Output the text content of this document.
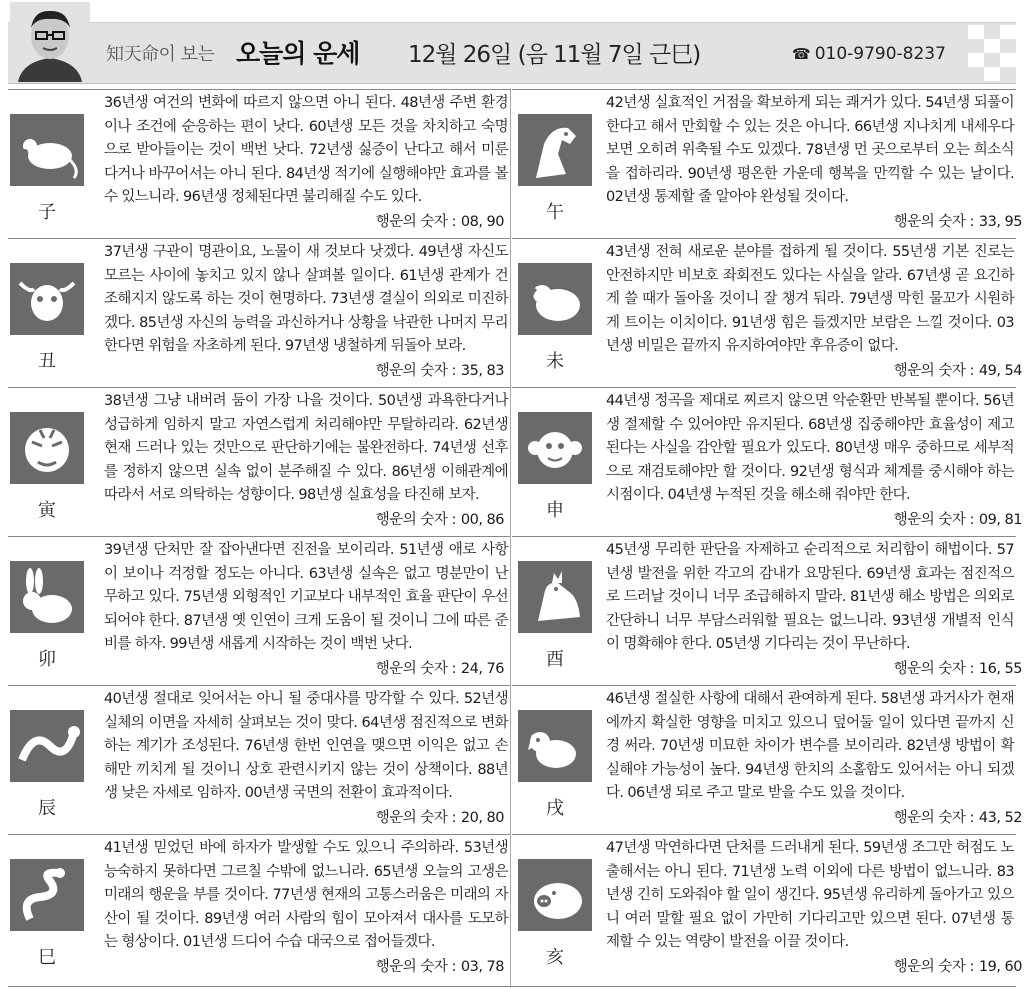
知天命이 보는 오늘의 운세 12월 26일 (음 11월 7일 근巳)	☎ 010-9790-8237
子
36년생 여건의 변화에 따르지 않으면 아니 된다. 48년생 주변 환경이나 조건에 순응하는 편이 낫다. 60년생 모든 것을 차치하고 숙명으로 받아들이는 것이 백번 낫다. 72년생 싫증이 난다고 해서 미룬다거나 바꾸어서는 아니 된다. 84년생 적기에 실행해야만 효과를 볼 수 있느니라. 96년생 정체된다면 불리해질 수도 있다.
행운의 숫자 : 08, 90 午
42년생 실효적인 거점을 확보하게 되는 쾌거가 있다. 54년생 되풀이 한다고 해서 만회할 수 있는 것은 아니다. 66년생 지나치게 내세우다 보면 오히려 위축될 수도 있겠다. 78년생 먼 곳으로부터 오는 희소식을 접하리라. 90년생 평온한 가운데 행복을 만끽할 수 있는 날이다. 02년생 통제할 줄 알아야 완성될 것이다.
행운의 숫자 : 33, 95
丑
37년생 구관이 명관이요, 노물이 새 것보다 낫겠다. 49년생 자신도 모르는 사이에 놓치고 있지 않나 살펴볼 일이다. 61년생 관계가 건조해지지 않도록 하는 것이 현명하다. 73년생 결실이 의외로 미진하겠다. 85년생 자신의 능력을 과신하거나 상황을 낙관한 나머지 무리한다면 위험을 자초하게 된다. 97년생 냉철하게 뒤돌아 보라.
행운의 숫자 : 35, 83 未
43년생 전혀 새로운 분야를 접하게 될 것이다. 55년생 기본 진로는 안전하지만 비보호 좌회전도 있다는 사실을 알라. 67년생 곧 요긴하게 쓸 때가 돌아올 것이니 잘 챙겨 둬라. 79년생 막힌 물꼬가 시원하게 트이는 이치이다. 91년생 힘은 들겠지만 보람은 느낄 것이다. 03년생 비밀은 끝까지 유지하여야만 후유증이 없다.
행운의 숫자 : 49, 54
寅
38년생 그냥 내버려 둠이 가장 나을 것이다. 50년생 과욕한다거나 성급하게 임하지 말고 자연스럽게 처리해야만 무탈하리라. 62년생 현재 드러나 있는 것만으로 판단하기에는 불완전하다. 74년생 선후를 정하지 않으면 실속 없이 분주해질 수 있다. 86년생 이해관계에 따라서 서로 의탁하는 성향이다. 98년생 실효성을 타진해 보자.
행운의 숫자 : 00, 86 申
44년생 정곡을 제대로 찌르지 않으면 악순환만 반복될 뿐이다. 56년생 절제할 수 있어야만 유지된다. 68년생 집중해야만 효율성이 제고된다는 사실을 감안할 필요가 있도다. 80년생 매우 중하므로 세부적으로 재검토해야만 할 것이다. 92년생 형식과 체계를 중시해야 하는 시점이다. 04년생 누적된 것을 해소해 줘야만 한다.
행운의 숫자 : 09, 81
卯
39년생 단처만 잘 잡아낸다면 진전을 보이리라. 51년생 애로 사항이 보이나 걱정할 정도는 아니다. 63년생 실속은 없고 명분만이 난무하고 있다. 75년생 외형적인 기교보다 내부적인 효율 판단이 우선되어야 한다. 87년생 옛 인연이 크게 도움이 될 것이니 그에 따른 준비를 하자. 99년생 새롭게 시작하는 것이 백번 낫다.
행운의 숫자 : 24, 76 酉
45년생 무리한 판단을 자제하고 순리적으로 처리함이 해법이다. 57년생 발전을 위한 각고의 감내가 요망된다. 69년생 효과는 점진적으로 드러날 것이니 너무 조급해하지 말라. 81년생 해소 방법은 의외로 간단하니 너무 부담스러워할 필요는 없느니라. 93년생 개별적 인식이 명확해야 한다. 05년생 기다리는 것이 무난하다.
행운의 숫자 : 16, 55
辰
40년생 절대로 잊어서는 아니 될 중대사를 망각할 수 있다. 52년생 실체의 이면을 자세히 살펴보는 것이 맞다. 64년생 점진적으로 변화하는 계기가 조성된다. 76년생 한번 인연을 맺으면 이익은 없고 손해만 끼치게 될 것이니 상호 관련시키지 않는 것이 상책이다. 88년생 낮은 자세로 임하자. 00년생 국면의 전환이 효과적이다.
행운의 숫자 : 20, 80 戌
46년생 절실한 사항에 대해서 관여하게 된다. 58년생 과거사가 현재에까지 확실한 영향을 미치고 있으니 덮어둘 일이 있다면 끝까지 신경 써라. 70년생 미묘한 차이가 변수를 보이리라. 82년생 방법이 확실해야 가능성이 높다. 94년생 한치의 소홀함도 있어서는 아니 되겠다. 06년생 되로 주고 말로 받을 수도 있을 것이다.
행운의 숫자 : 43, 52
巳
41년생 믿었던 바에 하자가 발생할 수도 있으니 주의하라. 53년생 능숙하지 못하다면 그르칠 수밖에 없느니라. 65년생 오늘의 고생은 미래의 행운을 부를 것이다. 77년생 현재의 고통스러움은 미래의 자산이 될 것이다. 89년생 여러 사람의 힘이 모아져서 대사를 도모하는 형상이다. 01년생 드디어 수습 대국으로 접어들겠다.
행운의 숫자 : 03, 78 亥
47년생 막연하다면 단처를 드러내게 된다. 59년생 조그만 허점도 노출해서는 아니 된다. 71년생 노력 이외에 다른 방법이 없느니라. 83년생 긴히 도와줘야 할 일이 생긴다. 95년생 유리하게 돌아가고 있으니 여러 말할 필요 없이 가만히 기다리고만 있으면 된다. 07년생 통제할 수 있는 역량이 발전을 이끌 것이다.
행운의 숫자 : 19, 60
